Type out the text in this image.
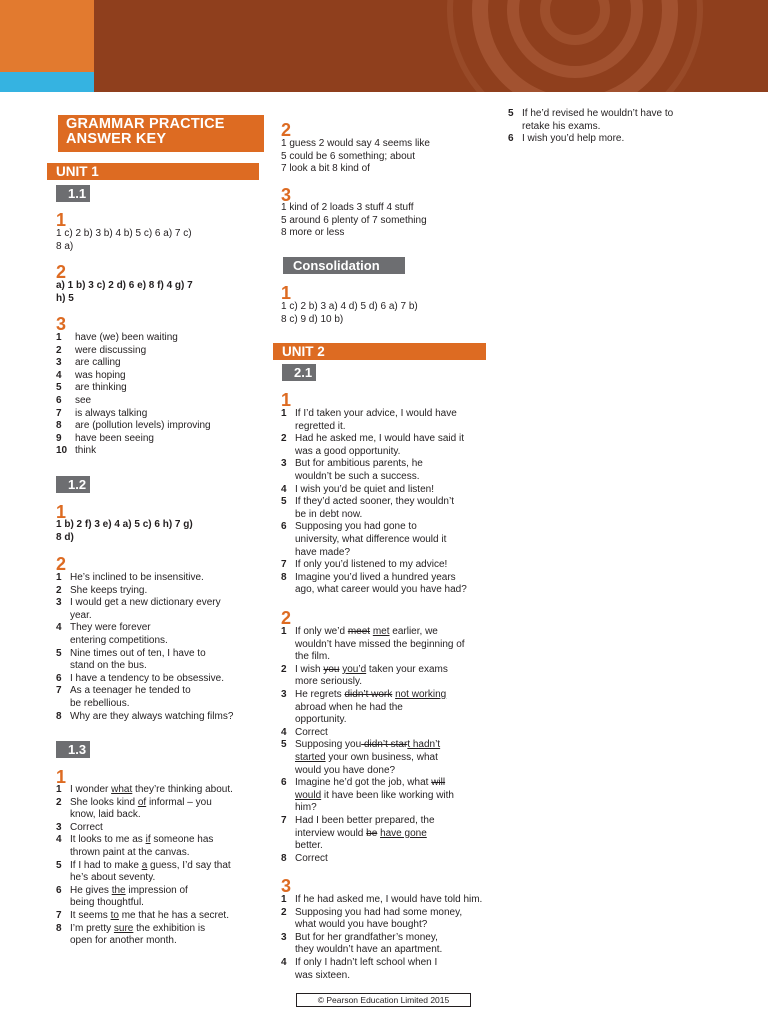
GRAMMAR PRACTICE ANSWER KEY
UNIT 1
1.1
1
1 c) 2 b) 3 b) 4 b) 5 c) 6 a) 7 c)
8 a)
2
a) 1 b) 3 c) 2 d) 6 e) 8 f) 4 g) 7
h) 5
3
1 have (we) been waiting
2 were discussing
3 are calling
4 was hoping
5 are thinking
6 see
7 is always talking
8 are (pollution levels) improving
9 have been seeing
10 think
1.2
1
1 b) 2 f) 3 e) 4 a) 5 c) 6 h) 7 g)
8 d)
2
1 He’s inclined to be insensitive.
2 She keeps trying.
3 I would get a new dictionary every
year.
4 They were forever
entering competitions.
5 Nine times out of ten, I have to
stand on the bus.
6 I have a tendency to be obsessive.
7 As a teenager he tended to
be rebellious.
8 Why are they always watching films?
1.3
1
1 I wonder what they’re thinking about.
2 She looks kind of informal – you
know, laid back.
3 Correct
4 It looks to me as if someone has
thrown paint at the canvas.
5 If I had to make a guess, I’d say that
he’s about seventy.
6 He gives the impression of
being thoughtful.
7 It seems to me that he has a secret.
8 I’m pretty sure the exhibition is
open for another month.
2
1 guess 2 would say 4 seems like
5 could be 6 something; about
7 look a bit 8 kind of
3
1 kind of 2 loads 3 stuff 4 stuff
5 around 6 plenty of 7 something
8 more or less
Consolidation
1
1 c) 2 b) 3 a) 4 d) 5 d) 6 a) 7 b)
8 c) 9 d) 10 b)
UNIT 2
2.1
1
1 If I’d taken your advice, I would have
regretted it.
2 Had he asked me, I would have said it
was a good opportunity.
3 But for ambitious parents, he
wouldn’t be such a success.
4 I wish you’d be quiet and listen!
5 If they’d acted sooner, they wouldn’t
be in debt now.
6 Supposing you had gone to
university, what difference would it
have made?
7 If only you’d listened to my advice!
8 Imagine you’d lived a hundred years
ago, what career would you have had?
2
1 If only we’d meet met earlier, we
wouldn’t have missed the beginning of
the film.
2 I wish you you’d taken your exams
more seriously.
3 He regrets didn’t work not working
abroad when he had the
opportunity.
4 Correct
5 Supposing you didn’t start hadn’t
started your own business, what
would you have done?
6 Imagine he’d got the job, what will
would it have been like working with
him?
7 Had I been better prepared, the
interview would be have gone
better.
8 Correct
3
1 If he had asked me, I would have told him.
2 Supposing you had had some money,
what would you have bought?
3 But for her grandfather’s money,
they wouldn’t have an apartment.
4 If only I hadn’t left school when I
was sixteen.
5 If he’d revised he wouldn’t have to
retake his exams.
6 I wish you’d help more.
© Pearson Education Limited 2015
